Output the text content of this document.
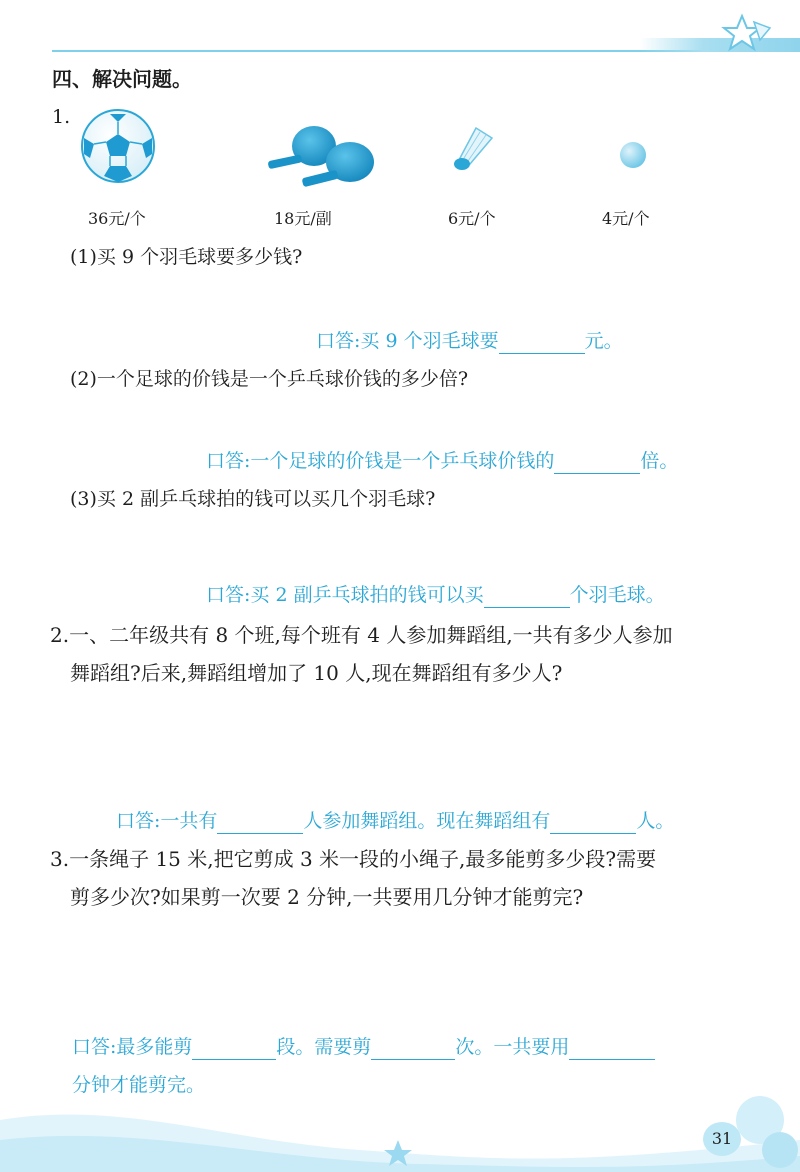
四、解决问题。
1.
36元/个	18元/副	6元/个	4元/个
(1)买 9 个羽毛球要多少钱?
口答:买 9 个羽毛球要	元。
(2)一个足球的价钱是一个乒乓球价钱的多少倍?
口答:一个足球的价钱是一个乒乓球价钱的	倍。
(3)买 2 副乒乓球拍的钱可以买几个羽毛球?
口答:买 2 副乒乓球拍的钱可以买	个羽毛球。
2.一、二年级共有 8 个班,每个班有 4 人参加舞蹈组,一共有多少人参加
舞蹈组?后来,舞蹈组增加了 10 人,现在舞蹈组有多少人?
口答:一共有	人参加舞蹈组。现在舞蹈组有	人。
3.一条绳子 15 米,把它剪成 3 米一段的小绳子,最多能剪多少段?需要
剪多少次?如果剪一次要 2 分钟,一共要用几分钟才能剪完?
口答:最多能剪	段。需要剪	次。一共要用
分钟才能剪完。
31
